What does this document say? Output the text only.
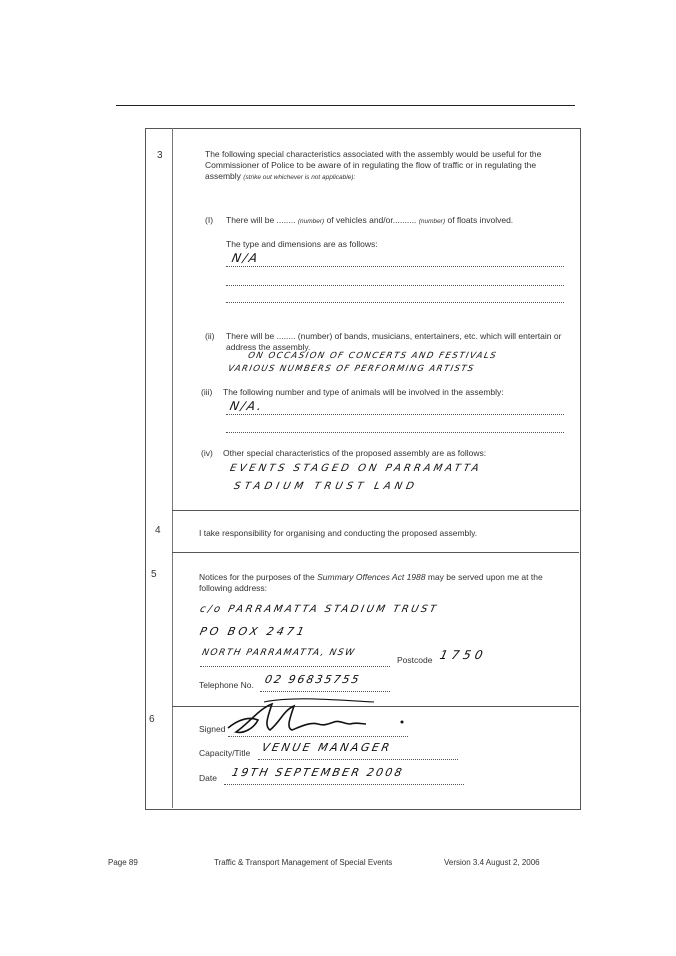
3	The following special characteristics associated with the assembly would be useful for the Commissioner of Police to be aware of in regulating the flow of traffic or in regulating the assembly (strike out whichever is not applicable):
(I) There will be ........ (number) of vehicles and/or.......... (number) of floats involved.
The type and dimensions are as follows:
N/A
(ii) There will be ........ (number) of bands, musicians, entertainers, etc. which will entertain or address the assembly.
ON OCCASION OF CONCERTS AND FESTIVALS
VARIOUS NUMBERS OF PERFORMING ARTISTS
(iii) The following number and type of animals will be involved in the assembly:
N/A.
(iv) Other special characteristics of the proposed assembly are as follows:
EVENTS STAGED ON PARRAMATTA
STADIUM TRUST LAND
4	I take responsibility for organising and conducting the proposed assembly.
5	Notices for the purposes of the Summary Offences Act 1988 may be served upon me at the following address:
c/o PARRAMATTA STADIUM TRUST
PO BOX 2471
NORTH PARRAMATTA, NSW
Postcode 1750
Telephone No. 02 96835755
6
Signed
Capacity/Title VENUE MANAGER
Date 19TH SEPTEMBER 2008
Page 89	Traffic & Transport Management of Special Events	Version 3.4 August 2, 2006
